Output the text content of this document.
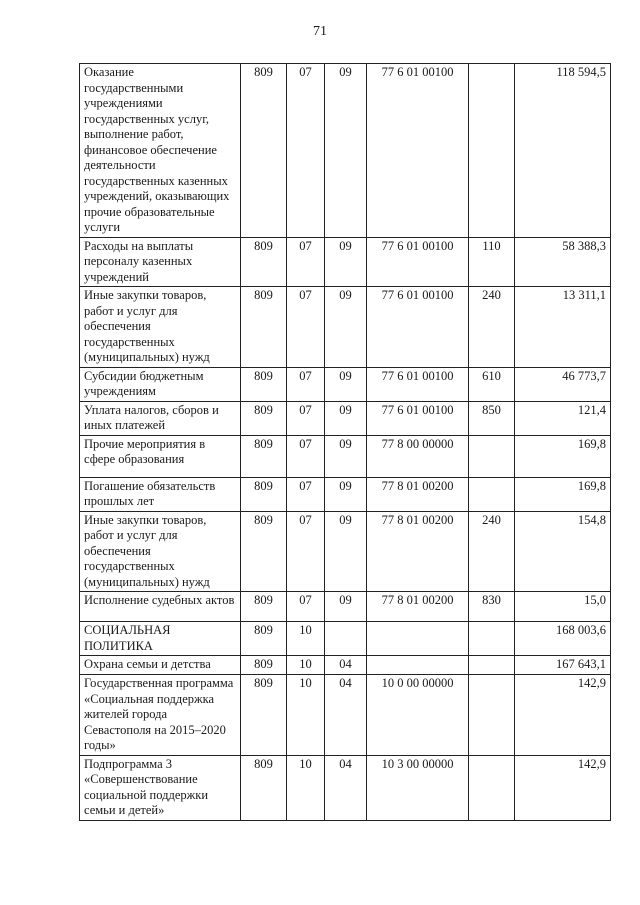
71
Оказание государственными учреждениями государственных услуг, выполнение работ, финансовое обеспечение деятельности государственных казенных учреждений, оказывающих прочие образовательные услуги	809	07	09	77 6 01 00100		118 594,5
Расходы на выплаты персоналу казенных учреждений	809	07	09	77 6 01 00100	110	58 388,3
Иные закупки товаров, работ и услуг для обеспечения государственных (муниципальных) нужд	809	07	09	77 6 01 00100	240	13 311,1
Субсидии бюджетным учреждениям	809	07	09	77 6 01 00100	610	46 773,7
Уплата налогов, сборов и иных платежей	809	07	09	77 6 01 00100	850	121,4
Прочие мероприятия в сфере образования	809	07	09	77 8 00 00000		169,8
Погашение обязательств прошлых лет	809	07	09	77 8 01 00200		169,8
Иные закупки товаров, работ и услуг для обеспечения государственных (муниципальных) нужд	809	07	09	77 8 01 00200	240	154,8
Исполнение судебных актов	809	07	09	77 8 01 00200	830	15,0
СОЦИАЛЬНАЯ ПОЛИТИКА	809	10				168 003,6
Охрана семьи и детства	809	10	04			167 643,1
Государственная программа «Социальная поддержка жителей города Севастополя на 2015–2020 годы»	809	10	04	10 0 00 00000		142,9
Подпрограмма 3 «Совершенствование социальной поддержки семьи и детей»	809	10	04	10 3 00 00000		142,9
